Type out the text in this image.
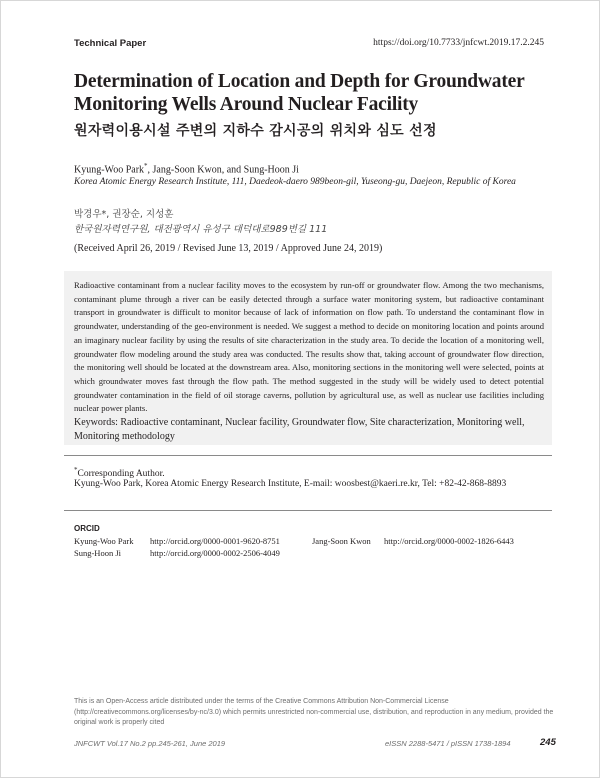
Technical Paper	https://doi.org/10.7733/jnfcwt.2019.17.2.245
Determination of Location and Depth for Groundwater Monitoring Wells Around Nuclear Facility
원자력이용시설 주변의 지하수 감시공의 위치와 심도 선정
Kyung-Woo Park*, Jang-Soon Kwon, and Sung-Hoon Ji
Korea Atomic Energy Research Institute, 111, Daedeok-daero 989beon-gil, Yuseong-gu, Daejeon, Republic of Korea
박경우*, 권장순, 지성훈
한국원자력연구원, 대전광역시 유성구 대덕대로989번길 111
(Received April 26, 2019 / Revised June 13, 2019 / Approved June 24, 2019)

Radioactive contaminant from a nuclear facility moves to the ecosystem by run-off or groundwater flow. Among the two mechanisms, contaminant plume through a river can be easily detected through a surface water monitoring system, but radioactive contaminant transport in groundwater is difficult to monitor because of lack of information on flow path. To understand the contaminant flow in groundwater, understanding of the geo-environment is needed. We suggest a method to decide on monitoring location and points around an imaginary nuclear facility by using the results of site characterization in the study area. To decide the location of a monitoring well, groundwater flow modeling around the study area was conducted. The results show that, taking account of groundwater flow direction, the monitoring well should be located at the downstream area. Also, monitoring sections in the monitoring well were selected, points at which groundwater moves fast through the flow path. The method suggested in the study will be widely used to detect potential groundwater contamination in the field of oil storage caverns, pollution by agricultural use, as well as nuclear use facilities including nuclear power plants.

Keywords: Radioactive contaminant, Nuclear facility, Groundwater flow, Site characterization, Monitoring well, Monitoring methodology

*Corresponding Author.
Kyung-Woo Park, Korea Atomic Energy Research Institute, E-mail: woosbest@kaeri.re.kr, Tel: +82-42-868-8893
ORCID
Kyung-Woo Park http://orcid.org/0000-0001-9620-8751	Jang-Soon Kwon http://orcid.org/0000-0002-1826-6443
Sung-Hoon Ji	http://orcid.org/0000-0002-2506-4049

This is an Open-Access article distributed under the terms of the Creative Commons Attribution Non-Commercial License (http://creativecommons.org/licenses/by-nc/3.0) which permits unrestricted non-commercial use, distribution, and reproduction in any medium, provided the original work is properly cited

JNFCWT Vol.17 No.2 pp.245-261, June 2019	eISSN 2288-5471 / pISSN 1738-1894	245
